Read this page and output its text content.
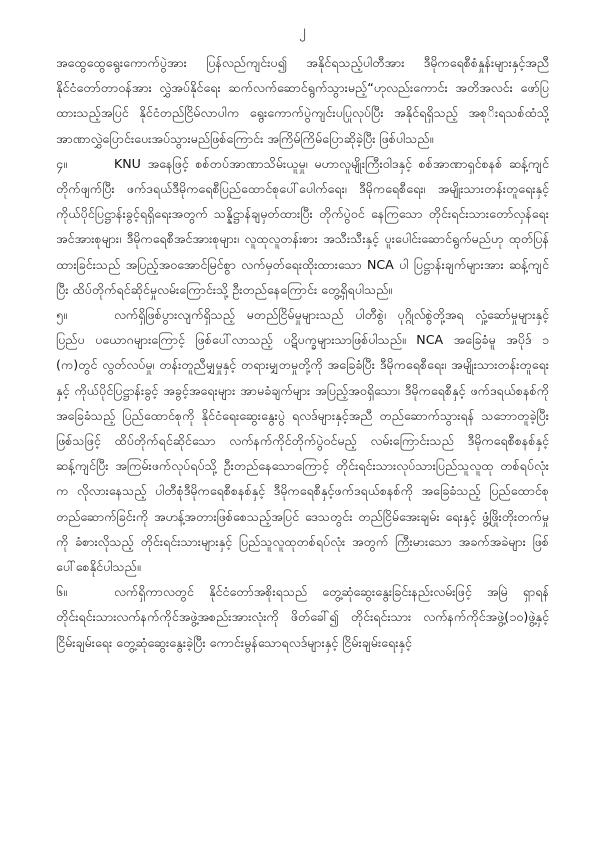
၂

အထွေထွေရွေးကောက်ပွဲအား ပြန်လည်ကျင်းပ၍ အနိုင်ရသည့်ပါတီအား ဒီမိုကရေစီစံနှုန်းများနှင့်အညီ နိုင်ငံတော်တာဝန်အား လွှဲအပ်နိုင်ရေး ဆက်လက်ဆောင်ရွက်သွားမည့်“ဟုလည်းကောင်း အတိအလင်း ဖော်ပြထားသည့်အပြင် နိုင်ငံတည်ငြိမ်လာပါက ရွေးကောက်ပွဲကျင်းပပြုလုပ်ပြီး အနိုင်ရရှိသည့် အစုိးရသစ်ထံသို့ အာဏာလွှဲပြောင်းပေးအပ်သွားမည်ဖြစ်ကြောင်း အကြိမ်ကြိမ်ပြောဆိုခဲ့ပြီး ဖြစ်ပါသည်။

၄။	KNU အနေဖြင့် စစ်တပ်အာဏာသိမ်းယူမှု၊ မဟာလူမျိုးကြီးဝါဒနှင့် စစ်အာဏာရှင်စနစ် ဆန့်ကျင်တိုက်ဖျက်ပြီး ဖက်ဒရယ်ဒီမိုကရေစီပြည်ထောင်စုပေါ်ပေါက်ရေး၊ ဒီမိုကရေစီရေး၊ အမျိုးသားတန်းတူရေးနှင့် ကိုယ်ပိုင်ပြဋ္ဌာန်းခွင့်ရရှိရေးအတွက် သန္နိဋ္ဌာန်ချမှတ်ထားပြီး တိုက်ပွဲဝင် နေကြသော တိုင်းရင်းသားတော်လှန်ရေးအင်အားစုများ၊ ဒီမိုကရေစီအင်အားစုများ၊ လူထုလူတန်းစား အသီးသီးနှင့် ပူးပေါင်းဆောင်ရွက်မည်ဟု ထုတ်ပြန်ထားခြင်းသည် အပြည့်အဝအောင်မြင်စွာ လက်မှတ်ရေးထိုးထားသော NCA ပါ ပြဋ္ဌာန်းချက်များအား ဆန့်ကျင်ပြီး ထိပ်တိုက်ရင်ဆိုင်မှုလမ်းကြောင်းသို့ ဦးတည်နေကြောင်း တွေ့ရှိရပါသည်။

၅။	လက်ရှိဖြစ်ပွားလျက်ရှိသည့် မတည်ငြိမ်မှုများသည် ပါတီစွဲ၊ ပုဂ္ဂိုလ်စွဲတို့အရ လှုံ့ဆော်မှုများနှင့် ပြည်ပ ပယောဂများကြောင့် ဖြစ်ပေါ်လာသည့် ပဋိပက္ခများသာဖြစ်ပါသည်။ NCA အခြေခံမူ အပိုဒ် ၁ (က)တွင် လွတ်လပ်မှု၊ တန်းတူညီမျှမှုနှင့် တရားမျှတမှုတို့ကို အခြေခံပြီး ဒီမိုကရေစီရေး၊ အမျိုးသားတန်းတူရေးနှင့် ကိုယ်ပိုင်ပြဋ္ဌာန်းခွင့် အခွင့်အရေးများ အာမခံချက်များ အပြည့်အဝရှိသော၊ ဒီမိုကရေစီနှင့် ဖက်ဒရယ်စနစ်ကို အခြေခံသည့် ပြည်ထောင်စုကို နိုင်ငံရေးဆွေးနွေးပွဲ ရလဒ်များနှင့်အညီ တည်ဆောက်သွားရန် သဘောတူခဲ့ပြီးဖြစ်သဖြင့် ထိပ်တိုက်ရင်ဆိုင်သော လက်နက်ကိုင်တိုက်ပွဲဝင်မည့် လမ်းကြောင်းသည် ဒီမိုကရေစီစနစ်နှင့် ဆန့်ကျင်ပြီး အကြမ်းဖက်လုပ်ရပ်သို့ ဦးတည်နေသောကြောင့် တိုင်းရင်းသားလုပ်သားပြည်သူလူထု တစ်ရပ်လုံးက လိုလားနေသည့် ပါတီစုံဒီမိုကရေစီစနစ်နှင့် ဒီမိုကရေစီနှင့်ဖက်ဒရယ်စနစ်ကို အခြေခံသည့် ပြည်ထောင်စုတည်ဆောက်ခြင်းကို အဟန့်အတားဖြစ်စေသည့်အပြင် ဒေသတွင်း တည်ငြိမ်အေးချမ်း ရေးနှင့် ဖွံ့ဖြိုးတိုးတက်မှုကို ခံစားလိုသည့် တိုင်းရင်းသားများနှင့် ပြည်သူလူထုတစ်ရပ်လုံး အတွက် ကြီးမားသော အခက်အခဲများ ဖြစ်ပေါ်စေနိုင်ပါသည်။

၆။	လက်ရှိကာလတွင် နိုင်ငံတော်အစိုးရသည် တွေ့ဆုံဆွေးနွေးခြင်းနည်းလမ်းဖြင့် အမြဲ ရှာရန် တိုင်းရင်းသားလက်နက်ကိုင်အဖွဲ့အစည်းအားလုံးကို ဖိတ်ခေါ်၍ တိုင်းရင်းသား လက်နက်ကိုင်အဖွဲ့(၁၀)ဖွဲ့နှင့် ငြိမ်းချမ်းရေး တွေ့ဆုံဆွေးနွေးခဲ့ပြီး ကောင်းမွန်သောရလဒ်များနှင့် ငြိမ်းချမ်းရေးနှင့်
